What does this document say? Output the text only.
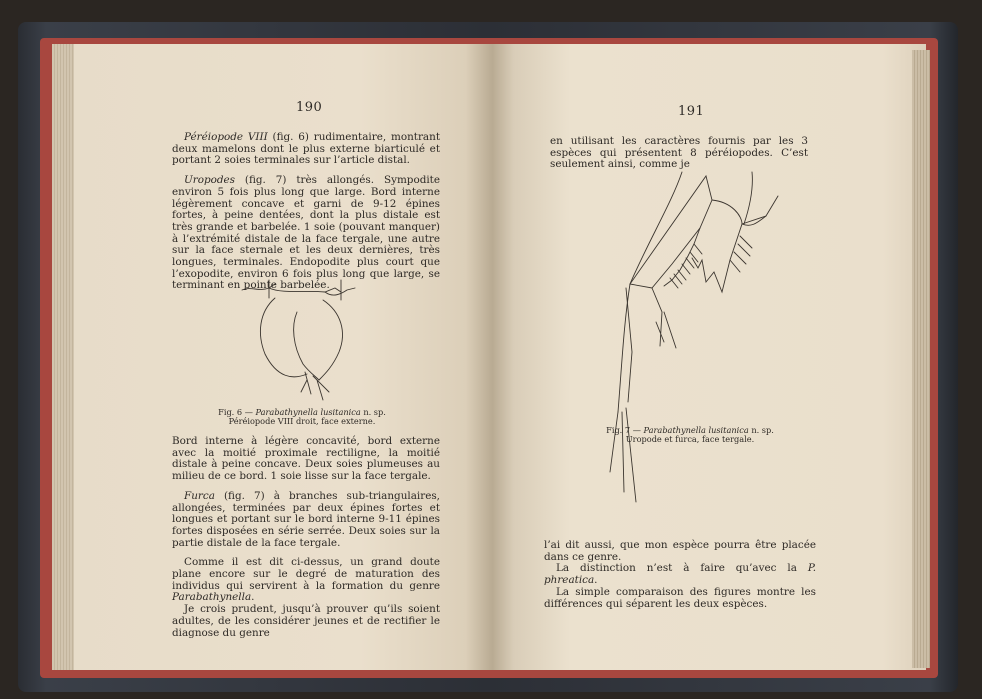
190

Péréiopode VIII (fig. 6) rudimentaire, montrant deux mamelons dont le plus externe biarticulé et portant 2 soies terminales sur l’article distal.

Uropodes (fig. 7) très allongés. Sympodite environ 5 fois plus long que large. Bord interne légèrement concave et garni de 9-12 épines fortes, à peine dentées, dont la plus distale est très grande et barbelée. 1 soie (pouvant manquer) à l’extrémité distale de la face tergale, une autre sur la face sternale et les deux dernières, très longues, terminales. Endopodite plus court que l’exopodite, environ 6 fois plus long que large, se terminant en pointe barbelée.

Fig. 6 — Parabathynella lusitanica n. sp.
Péréiopode VIII droit, face externe.

Bord interne à légère concavité, bord externe avec la moitié proximale rectiligne, la moitié distale à peine concave. Deux soies plumeuses au milieu de ce bord. 1 soie lisse sur la face tergale.

Furca (fig. 7) à branches sub-triangulaires, allongées, terminées par deux épines fortes et longues et portant sur le bord interne 9-11 épines fortes disposées en série serrée. Deux soies sur la partie distale de la face tergale.

Comme il est dit ci-dessus, un grand doute plane encore sur le degré de maturation des individus qui servirent à la formation du genre Parabathynella.

Je crois prudent, jusqu’à prouver qu’ils soient adultes, de les considérer jeunes et de rectifier le diagnose du genre

191

en utilisant les caractères fournis par les 3 espèces qui présentent 8 péréiopodes. C’est seulement ainsi, comme je

Fig. 7 — Parabathynella lusitanica n. sp.
Uropode et furca, face tergale.

l’ai dit aussi, que mon espèce pourra être placée dans ce genre.

La distinction n’est à faire qu’avec la P. phreatica.

La simple comparaison des figures montre les différences qui séparent les deux espèces.
